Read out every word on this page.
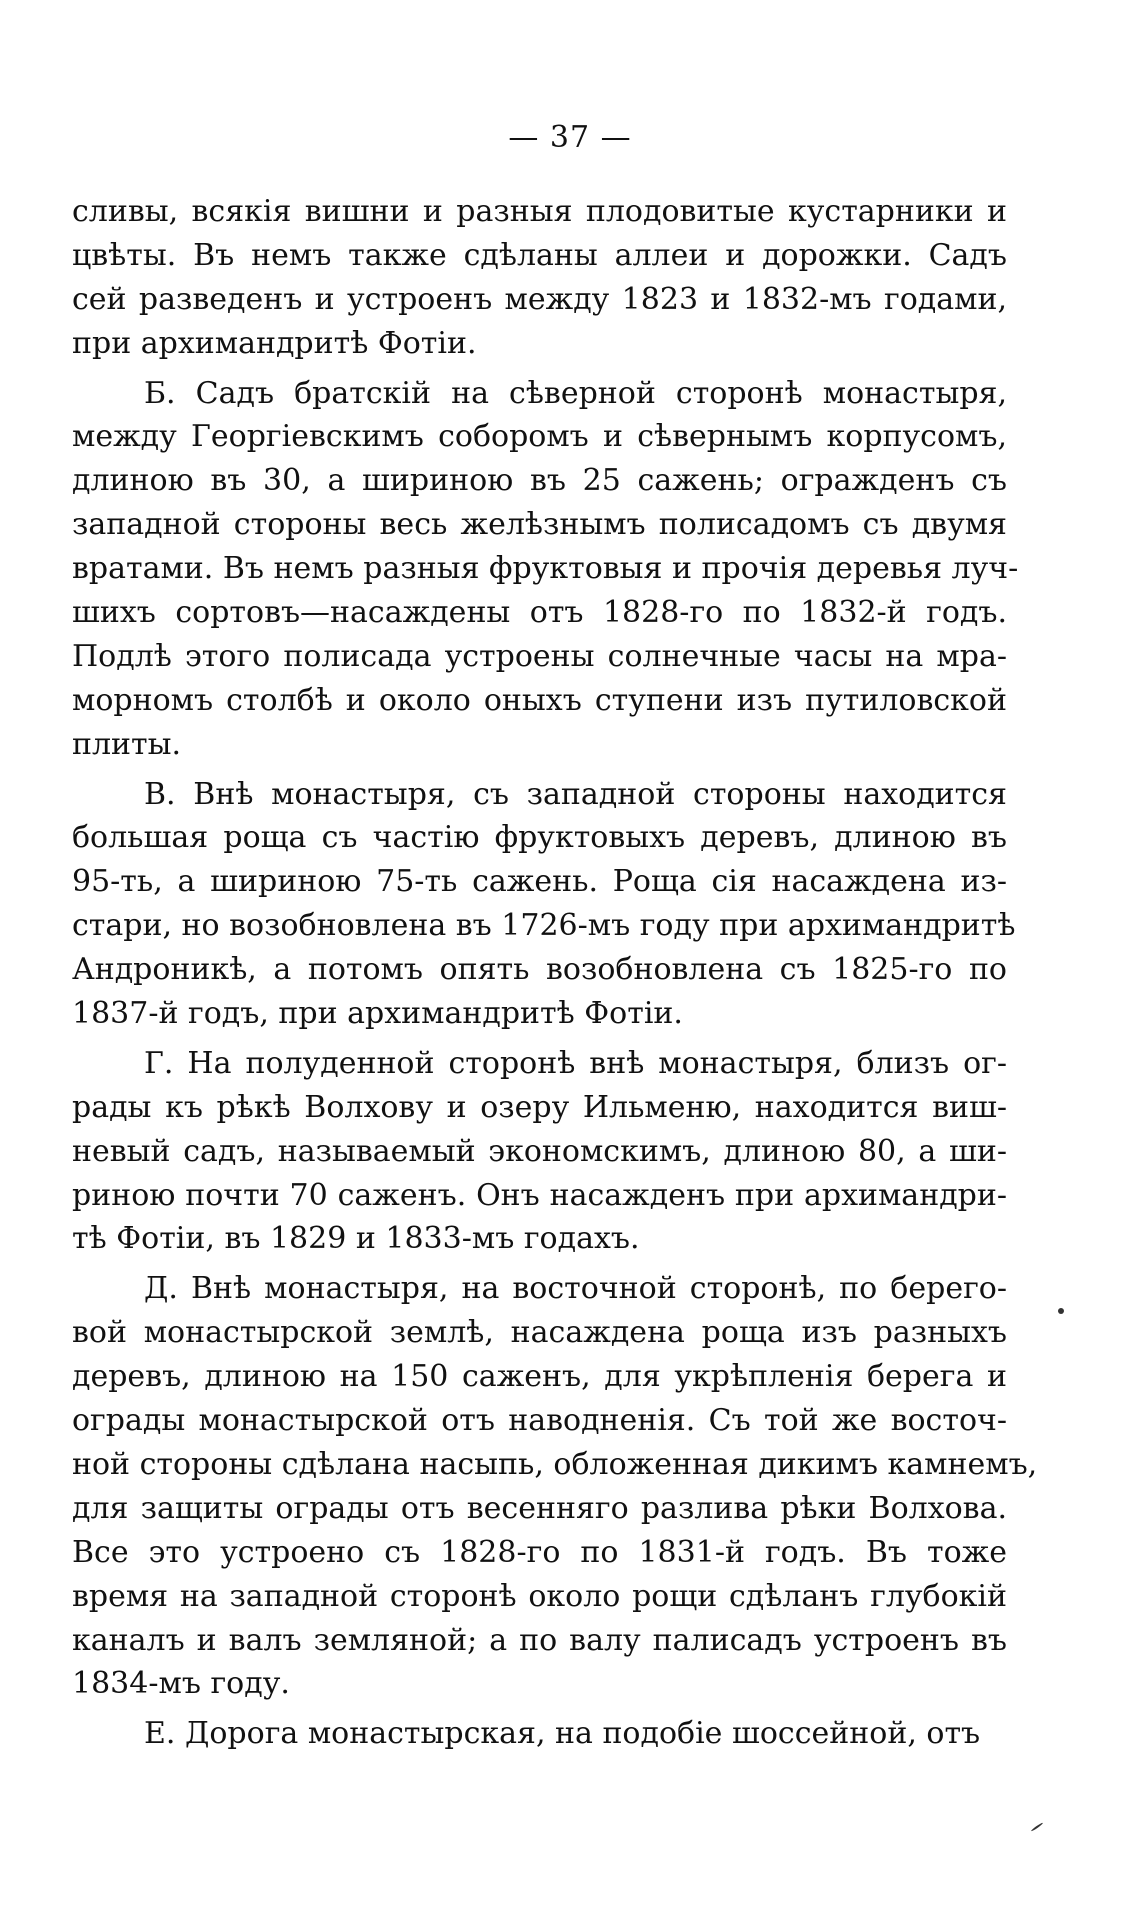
— 37 —
сливы, всякія вишни и разныя плодовитые кустарники и
цвѣты. Въ немъ также сдѣланы аллеи и дорожки. Садъ
сей разведенъ и устроенъ между 1823 и 1832-мъ годами,
при архимандритѣ Фотіи.
Б. Садъ братскій на сѣверной сторонѣ монастыря,
между Георгіевскимъ соборомъ и сѣвернымъ корпусомъ,
длиною въ 30, а шириною въ 25 сажень; огражденъ съ
западной стороны весь желѣзнымъ полисадомъ съ двумя
вратами. Въ немъ разныя фруктовыя и прочія деревья луч-
шихъ сортовъ—насаждены отъ 1828-го по 1832-й годъ.
Подлѣ этого полисада устроены солнечные часы на мра-
морномъ столбѣ и около оныхъ ступени изъ путиловской
плиты.
В. Внѣ монастыря, съ западной стороны находится
большая роща съ частію фруктовыхъ деревъ, длиною въ
95-ть, а шириною 75-ть сажень. Роща сія насаждена из-
стари, но возобновлена въ 1726-мъ году при архимандритѣ
Андроникѣ, а потомъ опять возобновлена съ 1825-го по
1837-й годъ, при архимандритѣ Фотіи.
Г. На полуденной сторонѣ внѣ монастыря, близъ ог-
рады къ рѣкѣ Волхову и озеру Ильменю, находится виш-
невый садъ, называемый экономскимъ, длиною 80, а ши-
риною почти 70 саженъ. Онъ насажденъ при архимандри-
тѣ Фотіи, въ 1829 и 1833-мъ годахъ.
Д. Внѣ монастыря, на восточной сторонѣ, по берего-
вой монастырской землѣ, насаждена роща изъ разныхъ
деревъ, длиною на 150 саженъ, для укрѣпленія берега и
ограды монастырской отъ наводненія. Съ той же восточ-
ной стороны сдѣлана насыпь, обложенная дикимъ камнемъ,
для защиты ограды отъ весенняго разлива рѣки Волхова.
Все это устроено съ 1828-го по 1831-й годъ. Въ тоже
время на западной сторонѣ около рощи сдѣланъ глубокій
каналъ и валъ земляной; а по валу палисадъ устроенъ въ
1834-мъ году.
Е. Дорога монастырская, на подобіе шоссейной, отъ
